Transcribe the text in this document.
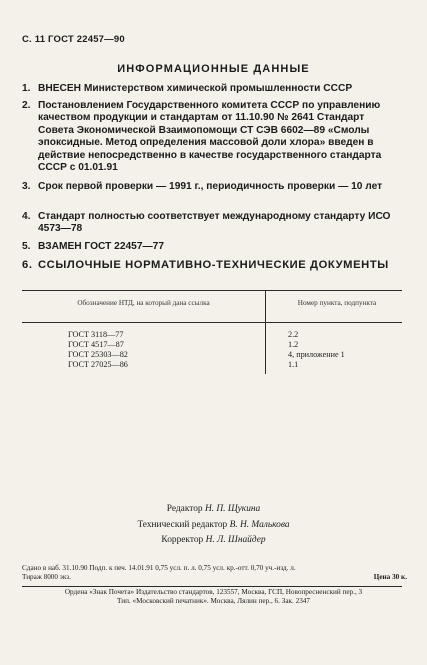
С. 11 ГОСТ 22457—90
ИНФОРМАЦИОННЫЕ ДАННЫЕ
1. ВНЕСЕН Министерством химической промышленности СССР
2. Постановлением Государственного комитета СССР по управлению качеством продукции и стандартам от 11.10.90 № 2641 Стандарт Совета Экономической Взаимопомощи СТ СЭВ 6602—89 «Смолы эпоксидные. Метод определения массовой доли хлора» введен в действие непосредственно в качестве государственного стандарта СССР с 01.01.91
3. Срок первой проверки — 1991 г., периодичность проверки — 10 лет
4. Стандарт полностью соответствует международному стандарту ИСО 4573—78
5. ВЗАМЕН ГОСТ 22457—77
6. ССЫЛОЧНЫЕ НОРМАТИВНО-ТЕХНИЧЕСКИЕ ДОКУМЕНТЫ
Обозначение НТД, на который дана ссылка	Номер пункта, подпункта
ГОСТ 3118—77	2.2
ГОСТ 4517—87	1.2
ГОСТ 25303—82	4, приложение 1
ГОСТ 27025—86	1.1
Редактор Н. П. Щукина
Технический редактор В. Н. Малькова
Корректор Н. Л. Шнайдер
Сдано в наб. 31.10.90 Подп. к печ. 14.01.91 0,75 усл. п. л. 0,75 усл. кр.-отт. 0,70 уч.-изд. л.
Тираж 8000 экз.	Цена 30 к.
Ордена «Знак Почета» Издательство стандартов, 123557, Москва, ГСП, Новопресненский пер., 3
Тип. «Московский печатник». Москва, Лялин пер., 6. Зак. 2347
